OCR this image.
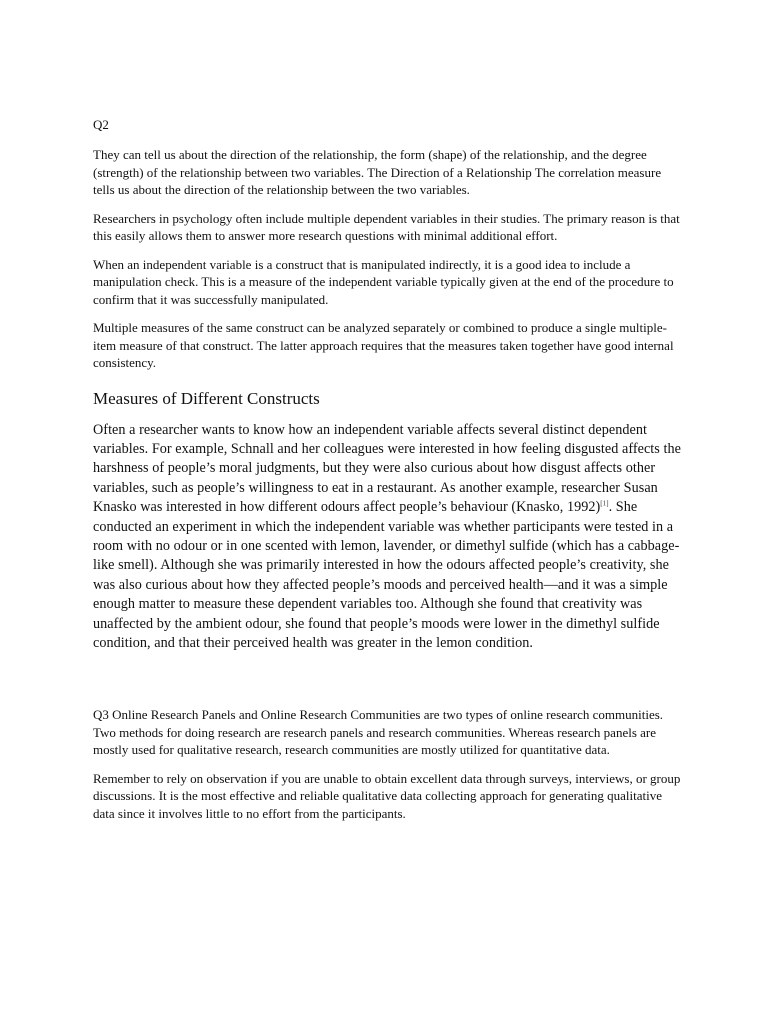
Q2

They can tell us about the direction of the relationship, the form (shape) of the relationship, and the degree (strength) of the relationship between two variables. The Direction of a Relationship The correlation measure tells us about the direction of the relationship between the two variables.

Researchers in psychology often include multiple dependent variables in their studies. The primary reason is that this easily allows them to answer more research questions with minimal additional effort.

When an independent variable is a construct that is manipulated indirectly, it is a good idea to include a manipulation check. This is a measure of the independent variable typically given at the end of the procedure to confirm that it was successfully manipulated.

Multiple measures of the same construct can be analyzed separately or combined to produce a single multiple-item measure of that construct. The latter approach requires that the measures taken together have good internal consistency.

Measures of Different Constructs

Often a researcher wants to know how an independent variable affects several distinct dependent variables. For example, Schnall and her colleagues were interested in how feeling disgusted affects the harshness of people’s moral judgments, but they were also curious about how disgust affects other variables, such as people’s willingness to eat in a restaurant. As another example, researcher Susan Knasko was interested in how different odours affect people’s behaviour (Knasko, 1992)[1]. She conducted an experiment in which the independent variable was whether participants were tested in a room with no odour or in one scented with lemon, lavender, or dimethyl sulfide (which has a cabbage-like smell). Although she was primarily interested in how the odours affected people’s creativity, she was also curious about how they affected people’s moods and perceived health—and it was a simple enough matter to measure these dependent variables too. Although she found that creativity was unaffected by the ambient odour, she found that people’s moods were lower in the dimethyl sulfide condition, and that their perceived health was greater in the lemon condition.

Q3 Online Research Panels and Online Research Communities are two types of online research communities. Two methods for doing research are research panels and research communities. Whereas research panels are mostly used for qualitative research, research communities are mostly utilized for quantitative data.

Remember to rely on observation if you are unable to obtain excellent data through surveys, interviews, or group discussions. It is the most effective and reliable qualitative data collecting approach for generating qualitative data since it involves little to no effort from the participants.
